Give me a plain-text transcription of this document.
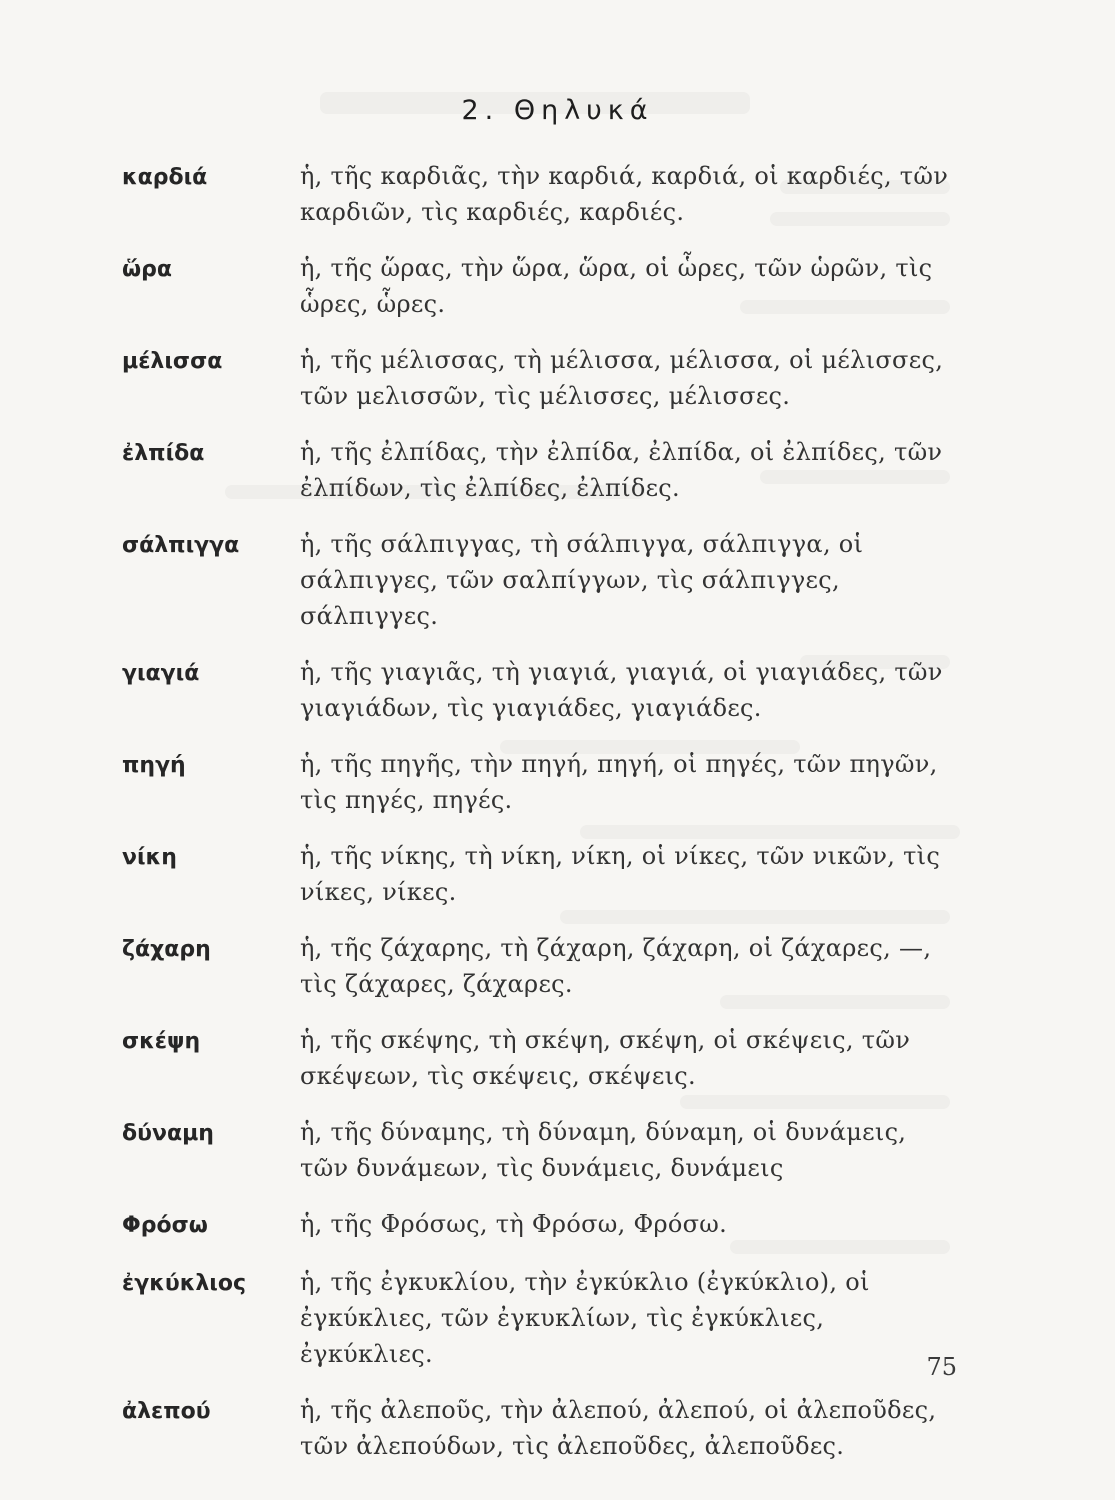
2. Θηλυκά
καρδιά	ἡ, τῆς καρδιᾶς, τὴν καρδιά, καρδιά, οἱ καρδιές, τῶν καρδιῶν, τὶς καρδιές, καρδιές.
ὥρα	ἡ, τῆς ὥρας, τὴν ὥρα, ὥρα, οἱ ὧρες, τῶν ὡρῶν, τὶς ὧρες, ὧρες.
μέλισσα	ἡ, τῆς μέλισσας, τὴ μέλισσα, μέλισσα, οἱ μέλισσες, τῶν μελισσῶν, τὶς μέλισσες, μέλισσες.
ἐλπίδα	ἡ, τῆς ἐλπίδας, τὴν ἐλπίδα, ἐλπίδα, οἱ ἐλπίδες, τῶν ἐλπίδων, τὶς ἐλπίδες, ἐλπίδες.
σάλπιγγα	ἡ, τῆς σάλπιγγας, τὴ σάλπιγγα, σάλπιγγα, οἱ σάλπιγγες, τῶν σαλπίγγων, τὶς σάλπιγγες, σάλπιγγες.
γιαγιά	ἡ, τῆς γιαγιᾶς, τὴ γιαγιά, γιαγιά, οἱ γιαγιάδες, τῶν γιαγιάδων, τὶς γιαγιάδες, γιαγιάδες.
πηγή	ἡ, τῆς πηγῆς, τὴν πηγή, πηγή, οἱ πηγές, τῶν πηγῶν, τὶς πηγές, πηγές.
νίκη	ἡ, τῆς νίκης, τὴ νίκη, νίκη, οἱ νίκες, τῶν νικῶν, τὶς νίκες, νίκες.
ζάχαρη	ἡ, τῆς ζάχαρης, τὴ ζάχαρη, ζάχαρη, οἱ ζάχαρες, —, τὶς ζάχαρες, ζάχαρες.
σκέψη	ἡ, τῆς σκέψης, τὴ σκέψη, σκέψη, οἱ σκέψεις, τῶν σκέψεων, τὶς σκέψεις, σκέψεις.
δύναμη	ἡ, τῆς δύναμης, τὴ δύναμη, δύναμη, οἱ δυνάμεις, τῶν δυνάμεων, τὶς δυνάμεις, δυνάμεις
Φρόσω	ἡ, τῆς Φρόσως, τὴ Φρόσω, Φρόσω.
ἐγκύκλιος	ἡ, τῆς ἐγκυκλίου, τὴν ἐγκύκλιο (ἐγκύκλιο), οἱ ἐγκύκλιες, τῶν ἐγκυκλίων, τὶς ἐγκύκλιες, ἐγκύκλιες.
ἀλεπού	ἡ, τῆς ἀλεποῦς, τὴν ἀλεπού, ἀλεπού, οἱ ἀλεποῦδες, τῶν ἀλεπούδων, τὶς ἀλεποῦδες, ἀλεποῦδες.
75
